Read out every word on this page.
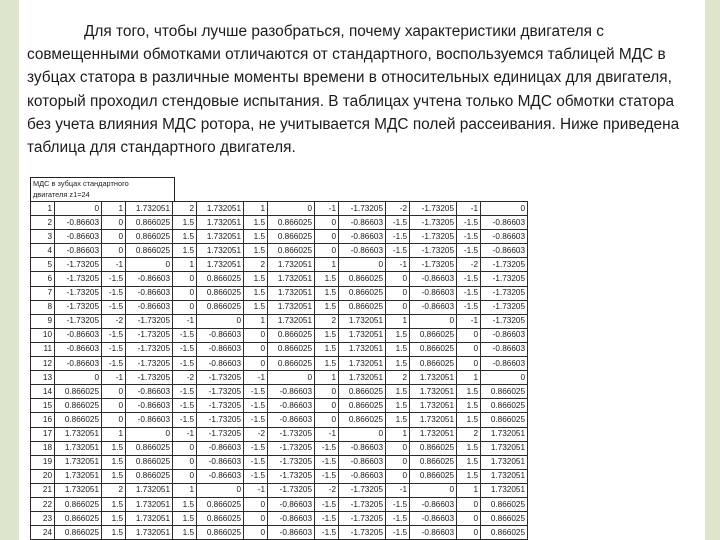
Для того, чтобы лучше разобраться, почему характеристики двигателя с совмещенными обмотками отличаются от стандартного, воспользуемся таблицей МДС в зубцах статора в различные моменты времени в относительных единицах для двигателя, который проходил стендовые испытания. В таблицах учтена только МДС обмотки статора без учета влияния МДС ротора, не учитывается МДС полей рассеивания. Ниже приведена таблица для стандартного двигателя.

МДС в зубцах стандартного
двигателя z1=24
1	0	1	1.732051	2	1.732051	1	0	-1	-1.73205	-2	-1.73205	-1	0
2	-0.86603	0	0.866025	1.5	1.732051	1.5	0.866025	0	-0.86603	-1.5	-1.73205	-1.5	-0.86603
3	-0.86603	0	0.866025	1.5	1.732051	1.5	0.866025	0	-0.86603	-1.5	-1.73205	-1.5	-0.86603
4	-0.86603	0	0.866025	1.5	1.732051	1.5	0.866025	0	-0.86603	-1.5	-1.73205	-1.5	-0.86603
5	-1.73205	-1	0	1	1.732051	2	1.732051	1	0	-1	-1.73205	-2	-1.73205
6	-1.73205	-1.5	-0.86603	0	0.866025	1.5	1.732051	1.5	0.866025	0	-0.86603	-1.5	-1.73205
7	-1.73205	-1.5	-0.86603	0	0.866025	1.5	1.732051	1.5	0.866025	0	-0.86603	-1.5	-1.73205
8	-1.73205	-1.5	-0.86603	0	0.866025	1.5	1.732051	1.5	0.866025	0	-0.86603	-1.5	-1.73205
9	-1.73205	-2	-1.73205	-1	0	1	1.732051	2	1.732051	1	0	-1	-1.73205
10	-0.86603	-1.5	-1.73205	-1.5	-0.86603	0	0.866025	1.5	1.732051	1.5	0.866025	0	-0.86603
11	-0.86603	-1.5	-1.73205	-1.5	-0.86603	0	0.866025	1.5	1.732051	1.5	0.866025	0	-0.86603
12	-0.86603	-1.5	-1.73205	-1.5	-0.86603	0	0.866025	1.5	1.732051	1.5	0.866025	0	-0.86603
13	0	-1	-1.73205	-2	-1.73205	-1	0	1	1.732051	2	1.732051	1	0
14	0.866025	0	-0.86603	-1.5	-1.73205	-1.5	-0.86603	0	0.866025	1.5	1.732051	1.5	0.866025
15	0.866025	0	-0.86603	-1.5	-1.73205	-1.5	-0.86603	0	0.866025	1.5	1.732051	1.5	0.866025
16	0.866025	0	-0.86603	-1.5	-1.73205	-1.5	-0.86603	0	0.866025	1.5	1.732051	1.5	0.866025
17	1.732051	1	0	-1	-1.73205	-2	-1.73205	-1	0	1	1.732051	2	1.732051
18	1.732051	1.5	0.866025	0	-0.86603	-1.5	-1.73205	-1.5	-0.86603	0	0.866025	1.5	1.732051
19	1.732051	1.5	0.866025	0	-0.86603	-1.5	-1.73205	-1.5	-0.86603	0	0.866025	1.5	1.732051
20	1.732051	1.5	0.866025	0	-0.86603	-1.5	-1.73205	-1.5	-0.86603	0	0.866025	1.5	1.732051
21	1.732051	2	1.732051	1	0	-1	-1.73205	-2	-1.73205	-1	0	1	1.732051
22	0.866025	1.5	1.732051	1.5	0.866025	0	-0.86603	-1.5	-1.73205	-1.5	-0.86603	0	0.866025
23	0.866025	1.5	1.732051	1.5	0.866025	0	-0.86603	-1.5	-1.73205	-1.5	-0.86603	0	0.866025
24	0.866025	1.5	1.732051	1.5	0.866025	0	-0.86603	-1.5	-1.73205	-1.5	-0.86603	0	0.866025
